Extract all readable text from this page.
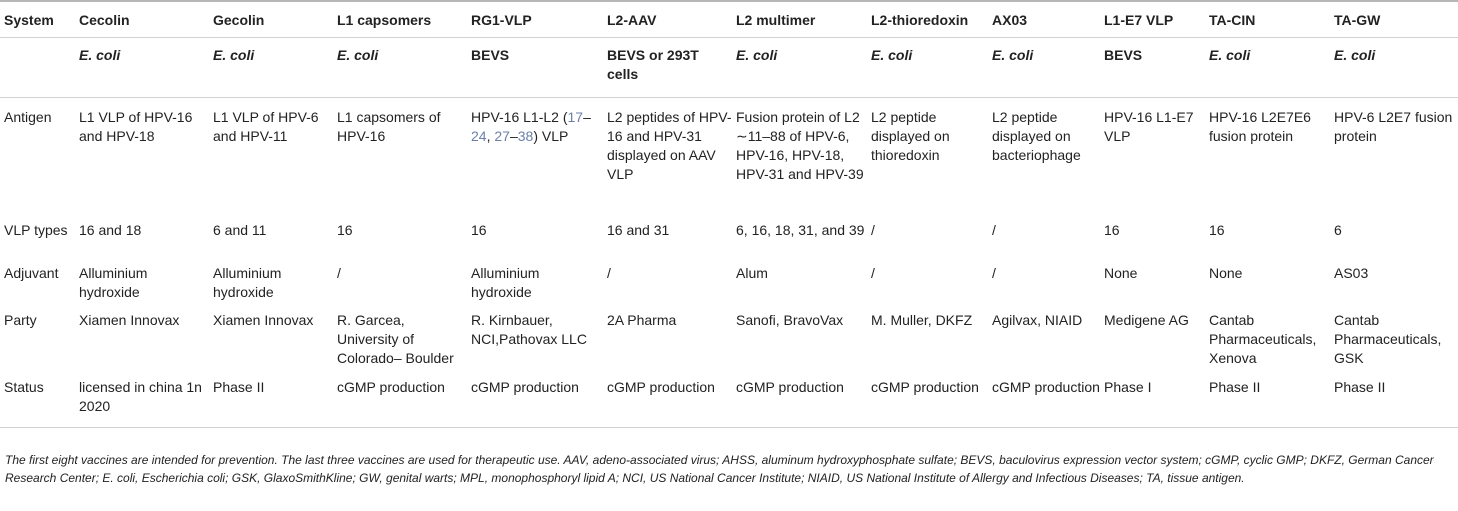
System	Cecolin	Gecolin	L1 capsomers	RG1-VLP	L2-AAV	L2 multimer	L2-thioredoxin	AX03	L1-E7 VLP	TA-CIN	TA-GW
	E. coli	E. coli	E. coli	BEVS	BEVS or 293T cells	E. coli	E. coli	E. coli	BEVS	E. coli	E. coli
Antigen	L1 VLP of HPV-16 and HPV-18	L1 VLP of HPV-6 and HPV-11	L1 capsomers of HPV-16	HPV-16 L1-L2 (17–24, 27–38) VLP	L2 peptides of HPV-16 and HPV-31 displayed on AAV VLP	Fusion protein of L2 ∼11–88 of HPV-6, HPV-16, HPV-18, HPV-31 and HPV-39	L2 peptide displayed on thioredoxin	L2 peptide displayed on bacteriophage	HPV-16 L1-E7 VLP	HPV-16 L2E7E6 fusion protein	HPV-6 L2E7 fusion protein
VLP types	16 and 18	6 and 11	16	16	16 and 31	6, 16, 18, 31, and 39	/	/	16	16	6
Adjuvant	Alluminium hydroxide	Alluminium hydroxide	/	Alluminium hydroxide	/	Alum	/	/	None	None	AS03
Party	Xiamen Innovax	Xiamen Innovax	R. Garcea, University of Colorado– Boulder	R. Kirnbauer, NCI,Pathovax LLC	2A Pharma	Sanofi, BravoVax	M. Muller, DKFZ	Agilvax, NIAID	Medigene AG	Cantab Pharmaceuticals, Xenova	Cantab Pharmaceuticals, GSK
Status	licensed in china 1n 2020	Phase II	cGMP production	cGMP production	cGMP production	cGMP production	cGMP production	cGMP production	Phase I	Phase II	Phase II
The first eight vaccines are intended for prevention. The last three vaccines are used for therapeutic use. AAV, adeno-associated virus; AHSS, aluminum hydroxyphosphate sulfate; BEVS, baculovirus expression vector system; cGMP, cyclic GMP; DKFZ, German Cancer Research Center; E. coli, Escherichia coli; GSK, GlaxoSmithKline; GW, genital warts; MPL, monophosphoryl lipid A; NCI, US National Cancer Institute; NIAID, US National Institute of Allergy and Infectious Diseases; TA, tissue antigen.
